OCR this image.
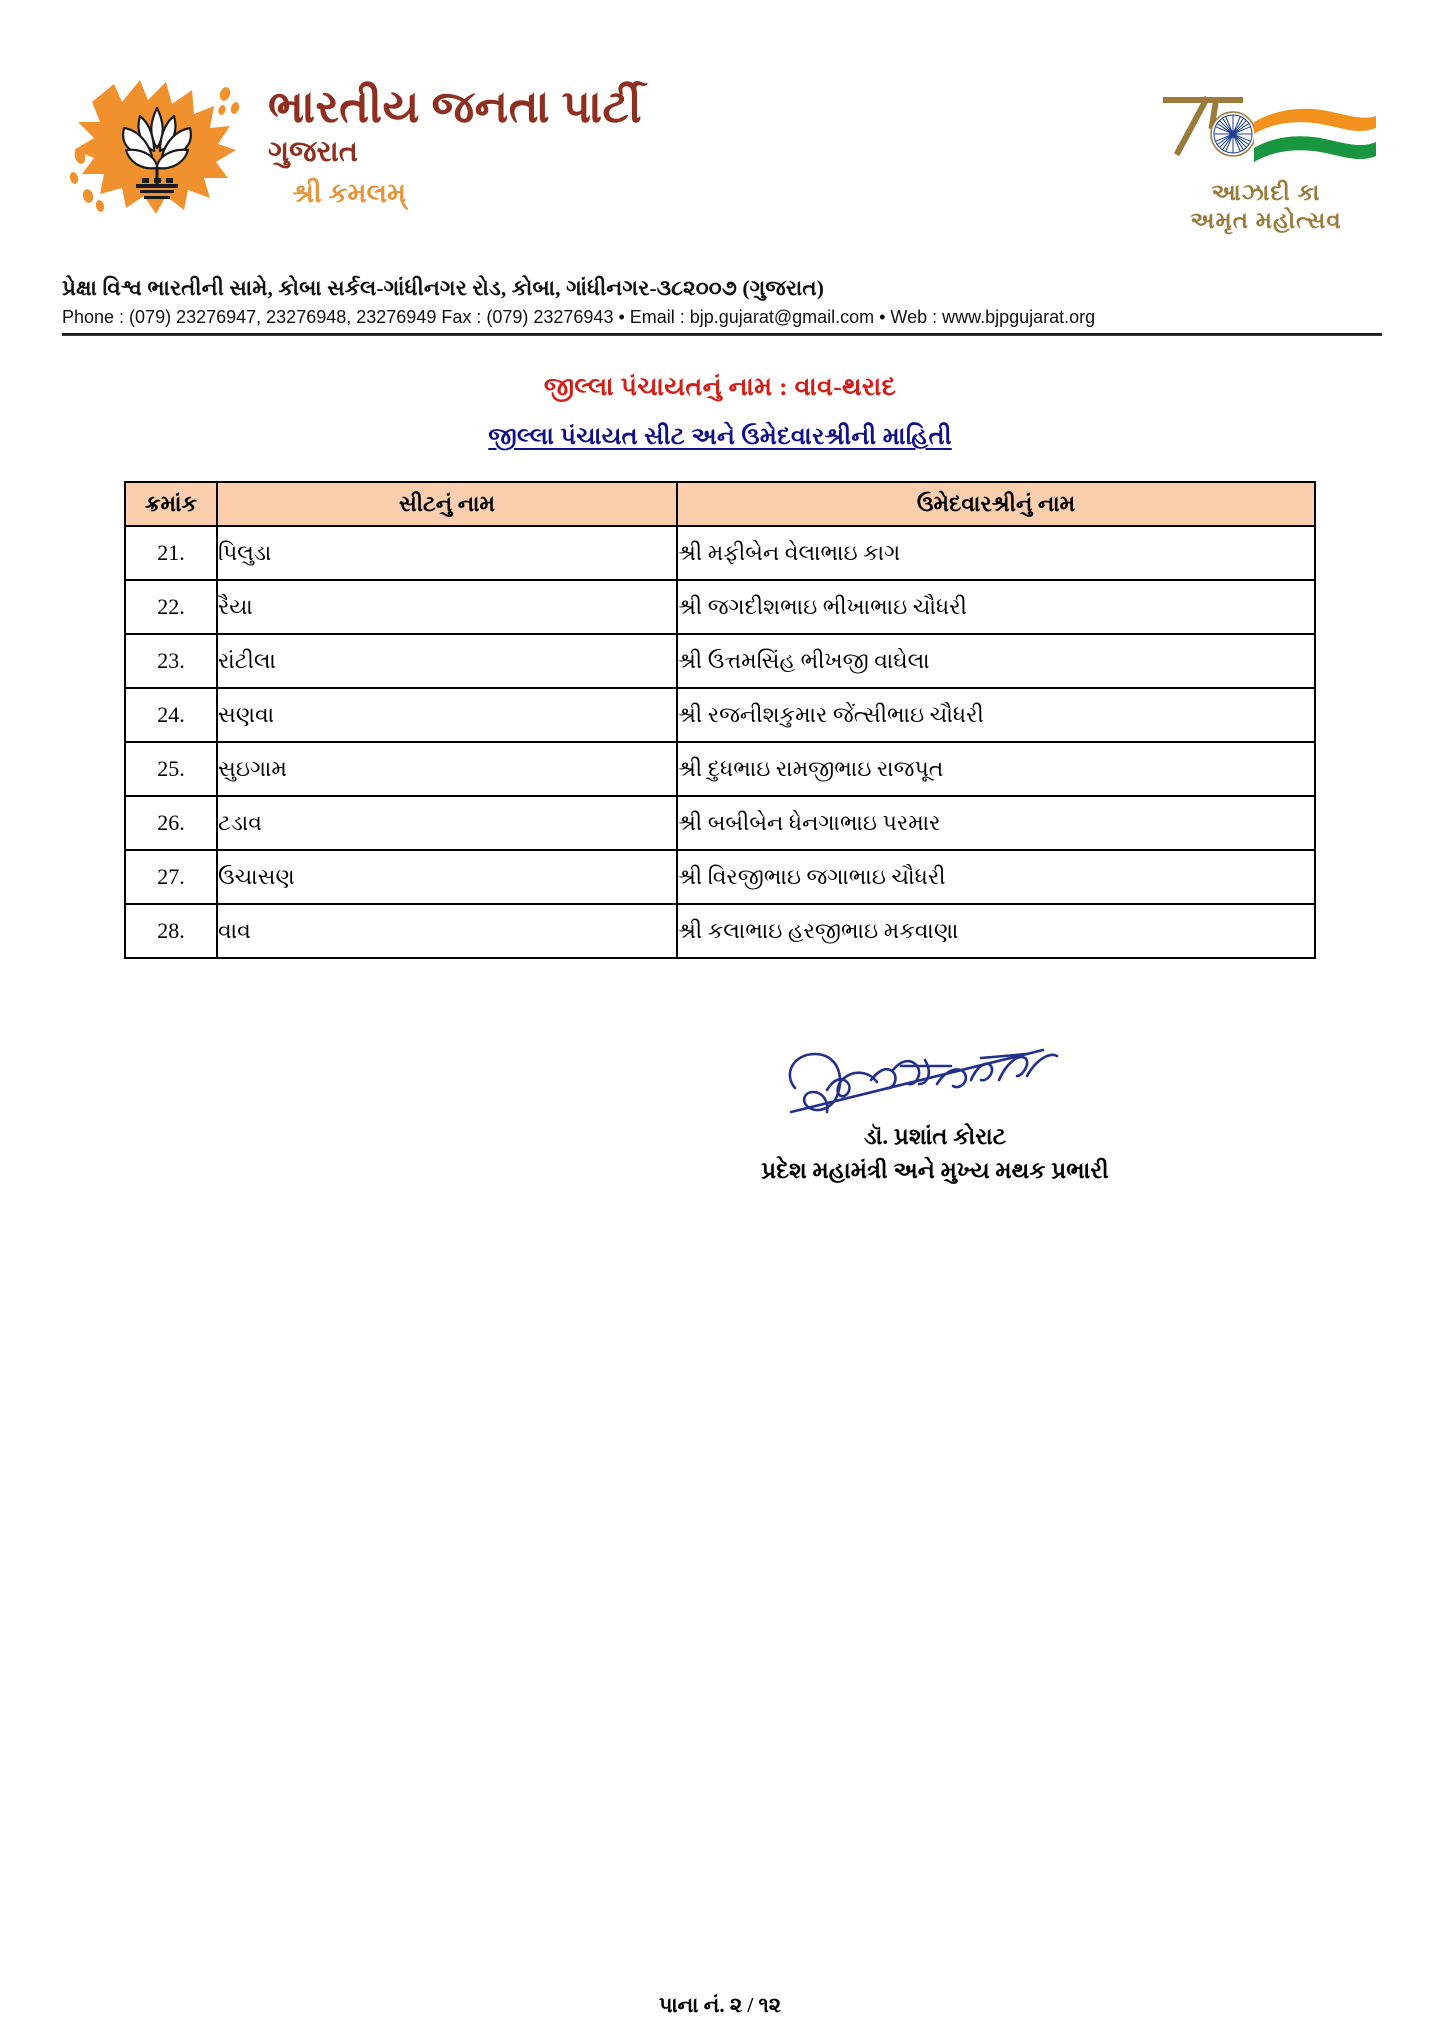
ભારતીય જનતા પાર્ટી
ગુજરાત
શ્રી કમલમ્	આઝાદી કા
અમૃત મહોત્સવ
પ્રેક્ષા વિશ્વ ભારતીની સામે, કોબા સર્કલ-ગાંધીનગર રોડ, કોબા, ગાંધીનગર-૩૮૨૦૦૭ (ગુજરાત)
Phone : (079) 23276947, 23276948, 23276949 Fax : (079) 23276943 • Email : bjp.gujarat@gmail.com • Web : www.bjpgujarat.org
જીલ્લા પંચાયતનું નામ : વાવ-થરાદ
જીલ્લા પંચાયત સીટ અને ઉમેદવારશ્રીની માહિતી
ક્રમાંક	સીટનું નામ	ઉમેદવારશ્રીનું નામ
21.	પિલુડા	શ્રી મફીબેન વેલાભાઇ કાગ
22.	રૈયા	શ્રી જગદીશભાઇ ભીખાભાઇ ચૌધરી
23.	રાંટીલા	શ્રી ઉત્તમસિંહ ભીખજી વાઘેલા
24.	સણવા	શ્રી રજનીશકુમાર જેંત્સીભાઇ ચૌધરી
25.	સુઇગામ	શ્રી દુધભાઇ રામજીભાઇ રાજપૂત
26.	ટડાવ	શ્રી બબીબેન ધેનગાભાઇ પરમાર
27.	ઉચાસણ	શ્રી વિરજીભાઇ જગાભાઇ ચૌધરી
28.	વાવ	શ્રી કલાભાઇ હરજીભાઇ મકવાણા
ડૉ. પ્રશાંત કોરાટ
પ્રદેશ મહામંત્રી અને મુખ્ય મથક પ્રભારી
પાના નં. ૨ / ૧૨
